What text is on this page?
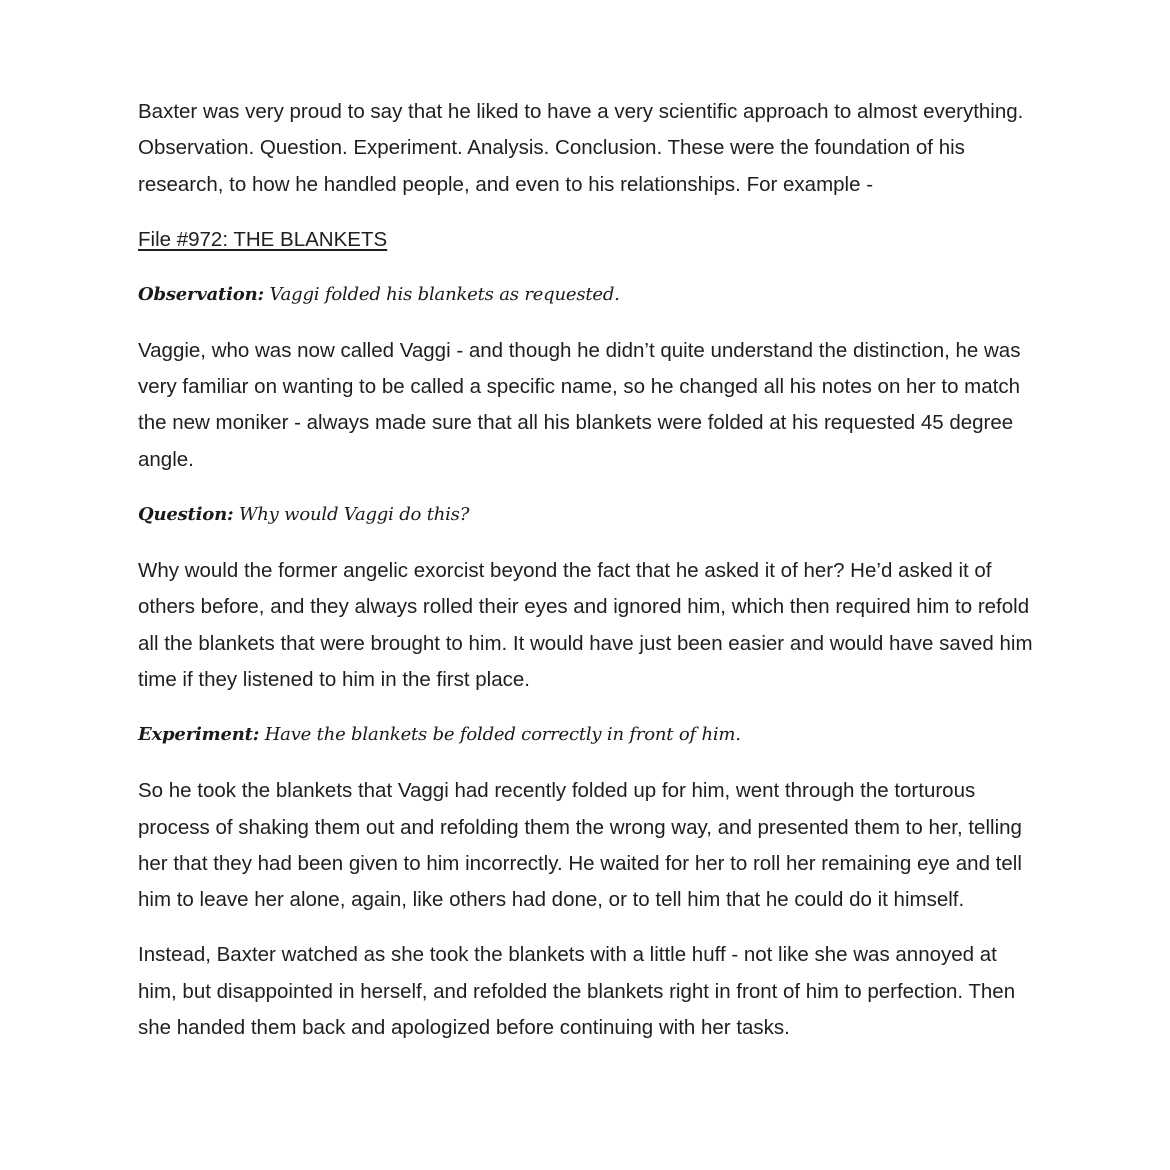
Baxter was very proud to say that he liked to have a very scientific approach to almost everything. Observation. Question. Experiment. Analysis. Conclusion. These were the foundation of his research, to how he handled people, and even to his relationships. For example -

File #972: THE BLANKETS

Observation: Vaggi folded his blankets as requested.

Vaggie, who was now called Vaggi - and though he didn’t quite understand the distinction, he was very familiar on wanting to be called a specific name, so he changed all his notes on her to match the new moniker - always made sure that all his blankets were folded at his requested 45 degree angle.

Question: Why would Vaggi do this?

Why would the former angelic exorcist beyond the fact that he asked it of her? He’d asked it of others before, and they always rolled their eyes and ignored him, which then required him to refold all the blankets that were brought to him. It would have just been easier and would have saved him time if they listened to him in the first place.

Experiment: Have the blankets be folded correctly in front of him.

So he took the blankets that Vaggi had recently folded up for him, went through the torturous process of shaking them out and refolding them the wrong way, and presented them to her, telling her that they had been given to him incorrectly. He waited for her to roll her remaining eye and tell him to leave her alone, again, like others had done, or to tell him that he could do it himself.

Instead, Baxter watched as she took the blankets with a little huff - not like she was annoyed at him, but disappointed in herself, and refolded the blankets right in front of him to perfection. Then she handed them back and apologized before continuing with her tasks.
